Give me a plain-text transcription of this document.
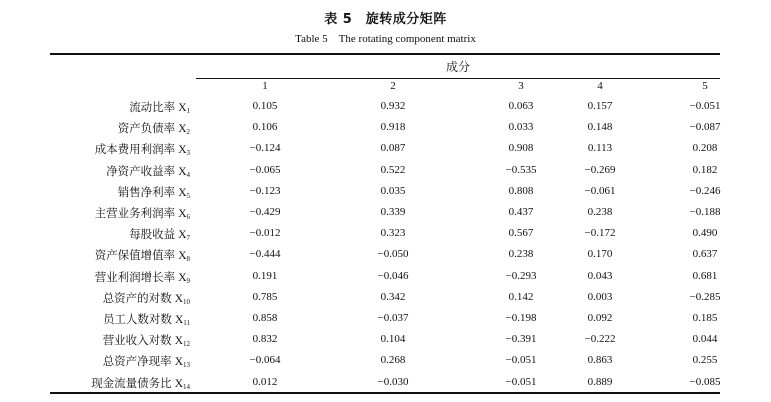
表 5　旋转成分矩阵
Table 5　The rotating component matrix
成分
1	2	3	4	5
流动比率 $X_1$	0.105	0.932	0.063	0.157	−0.051
资产负债率 $X_2$	0.106	0.918	0.033	0.148	−0.087
成本费用利润率 $X_3$	−0.124	0.087	0.908	0.113	0.208
净资产收益率 $X_4$	−0.065	0.522	−0.535	−0.269	0.182
销售净利率 $X_5$	−0.123	0.035	0.808	−0.061	−0.246
主营业务利润率 $X_6$	−0.429	0.339	0.437	0.238	−0.188
每股收益 $X_7$	−0.012	0.323	0.567	−0.172	0.490
资产保值增值率 $X_8$	−0.444	−0.050	0.238	0.170	0.637
营业利润增长率 $X_9$	0.191	−0.046	−0.293	0.043	0.681
总资产的对数 $X_{10}$	0.785	0.342	0.142	0.003	−0.285
员工人数对数 $X_{11}$	0.858	−0.037	−0.198	0.092	0.185
营业收入对数 $X_{12}$	0.832	0.104	−0.391	−0.222	0.044
总资产净现率 $X_{13}$	−0.064	0.268	−0.051	0.863	0.255
现金流量债务比 $X_{14}$	0.012	−0.030	−0.051	0.889	−0.085
